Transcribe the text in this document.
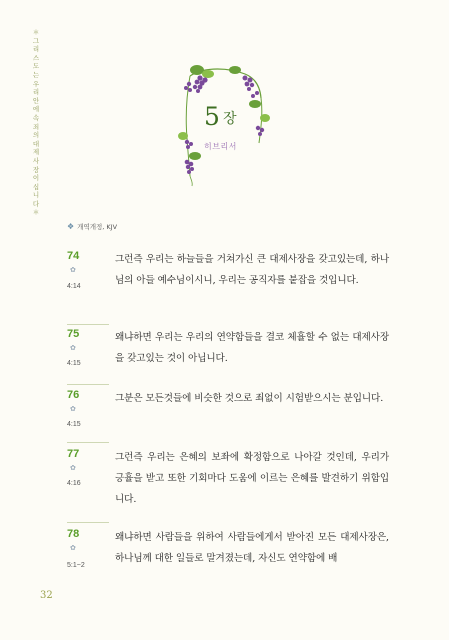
＊그리스도는 우리 안에 속죄의 대제사장이십니다＊
5 장
히브리서
❖ 개역개정, KJV
74
✿
4:14
그런즉 우리는 하늘들을 거쳐가신 큰 대제사장을 갖고있는데, 하나님의 아들 예수님이시니, 우리는 공직자를 붙잡을 것입니다.
75
✿
4:15
왜냐하면 우리는 우리의 연약함들을 결코 체휼할 수 없는 대제사장을 갖고있는 것이 아닙니다.
76
✿
4:15
그분은 모든것들에 비슷한 것으로 죄없이 시험받으시는 분입니다.
77
✿
4:16
그런즉 우리는 은혜의 보좌에 확정함으로 나아갈 것인데, 우리가 긍휼을 받고 또한 기회마다 도움에 이르는 은혜를 발견하기 위함입니다.
78
✿
5:1~2
왜냐하면 사람들을 위하여 사람들에게서 받아진 모든 대제사장은, 하나님께 대한 일들로 말겨졌는데, 자신도 연약함에 배
32
